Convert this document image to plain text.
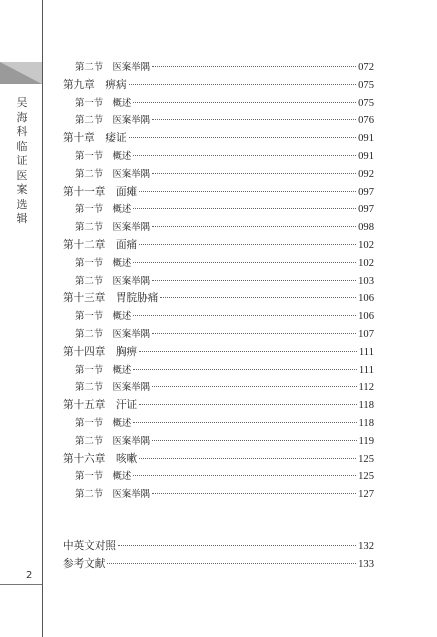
吴海科临证医案选辑
2
第二节　医案举隅	072
第九章　痹病	075
第一节　概述	075
第二节　医案举隅	076
第十章　痿证	091
第一节　概述	091
第二节　医案举隅	092
第十一章　面瘫	097
第一节　概述	097
第二节　医案举隅	098
第十二章　面痛	102
第一节　概述	102
第二节　医案举隅	103
第十三章　胃脘胁痛	106
第一节　概述	106
第二节　医案举隅	107
第十四章　胸痹	111
第一节　概述	111
第二节　医案举隅	112
第十五章　汗证	118
第一节　概述	118
第二节　医案举隅	119
第十六章　咳嗽	125
第一节　概述	125
第二节　医案举隅	127
中英文对照	132
参考文献	133
